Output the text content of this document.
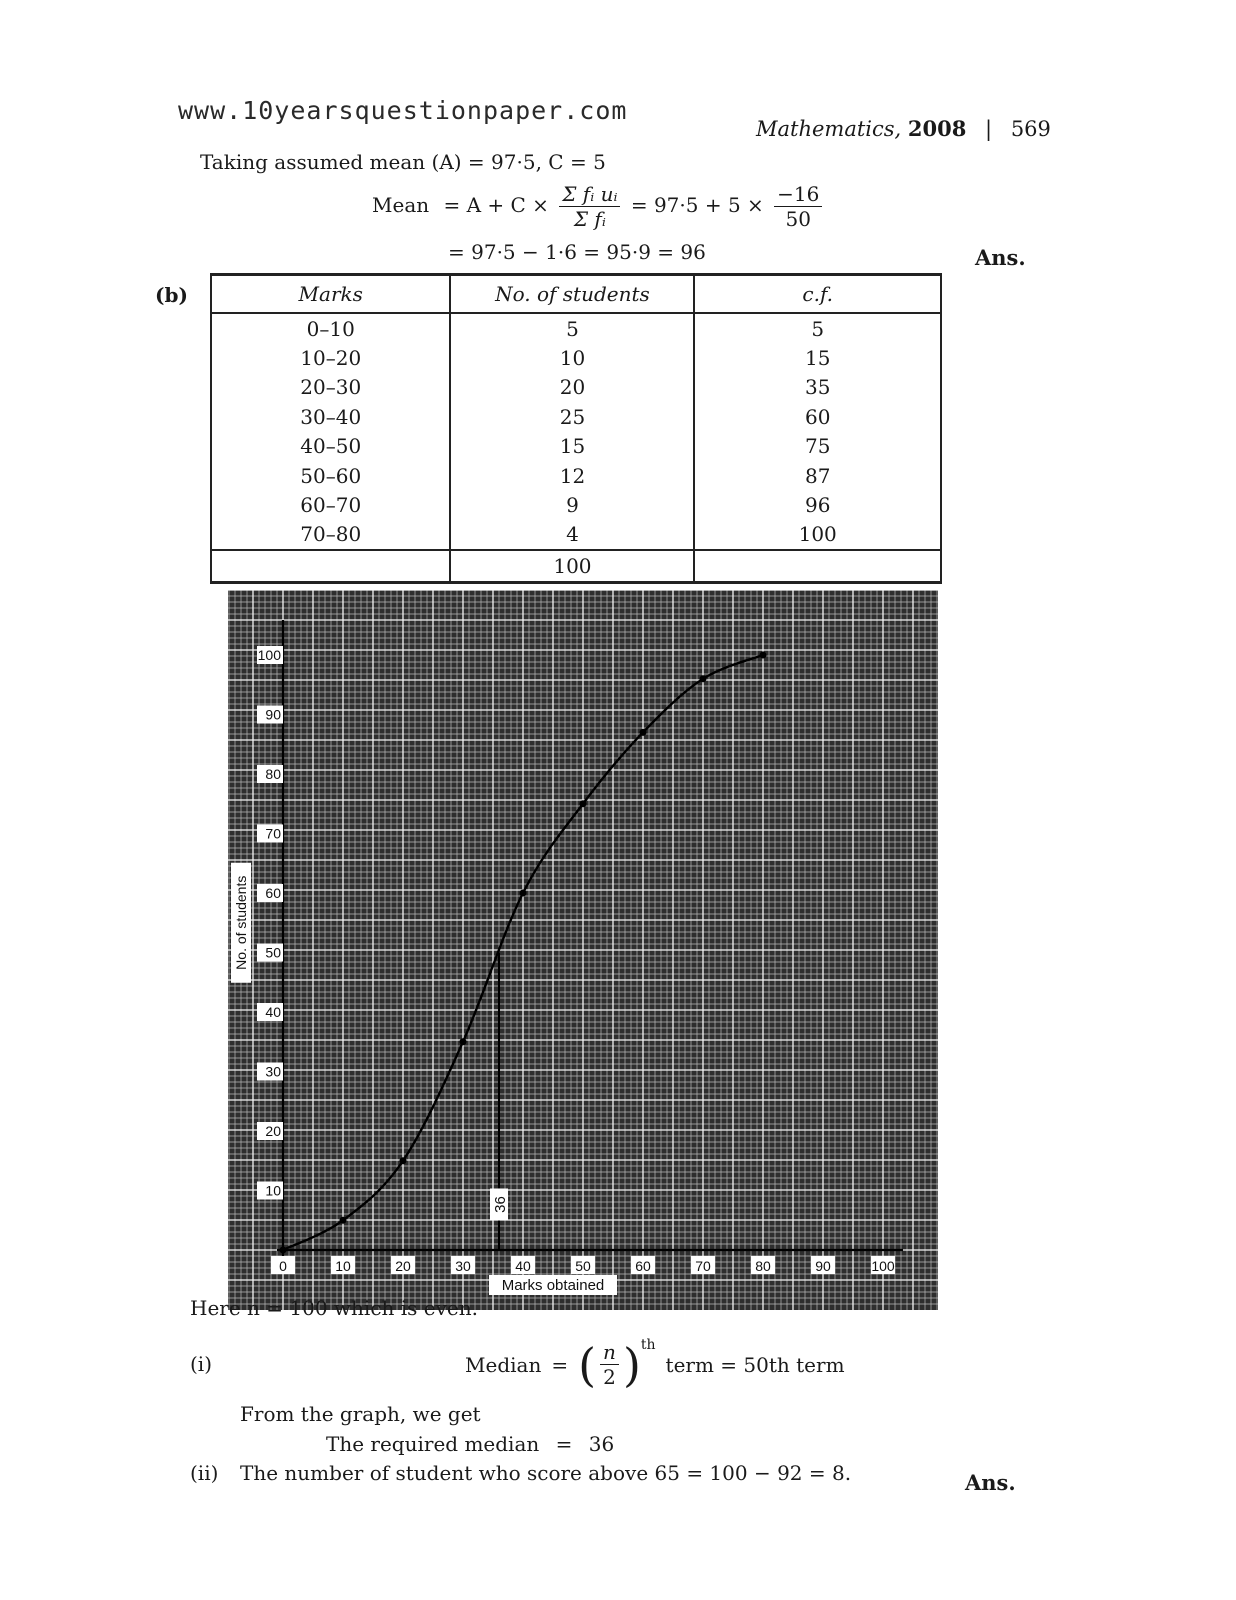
www.10yearsquestionpaper.com
Mathematics, 2008 | 569
Taking assumed mean (A) = 97·5, C = 5
Mean = $A + C \times \frac{\text{Σ fᵢ uᵢ}}{\text{Σ fᵢ}} = 97\cdot 5 + 5 \times \frac{-16}{50}$
= 97·5 − 1·6 = 95·9 = 96	Ans.
(b)	Marks	No. of students	c.f.
0–10	5	5
10–20	10	15
20–30	20	35
30–40	25	60
40–50	15	75
50–60	12	87
60–70	9	96
70–80	4	100
	100	
0	10	20	30	40	50	60	70	80	90	100
10
20
30
40
50
60
70
80
90
100
36
Marks obtained
No. of students
Here n = 100 which is even.
(i)	Median = ( $\frac{n}{2}$ ) th
term = 50th term
From the graph, we get
The required median = 36
(ii) The number of student who score above 65 = 100 − 92 = 8.	Ans.
